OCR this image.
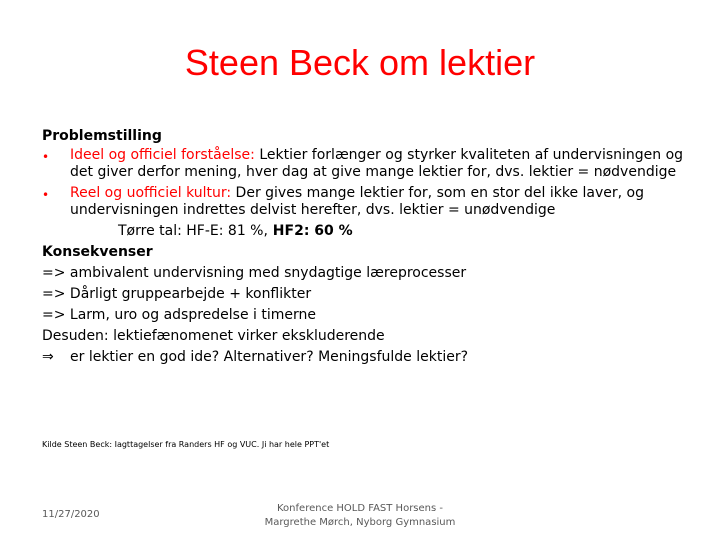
Steen Beck om lektier
Problemstilling
•	Ideel og officiel forståelse: Lektier forlænger og styrker kvaliteten af undervisningen og det giver derfor mening, hver dag at give mange lektier for, dvs. lektier = nødvendige
•	Reel og uofficiel kultur: Der gives mange lektier for, som en stor del ikke laver, og undervisningen indrettes delvist herefter, dvs. lektier = unødvendige
Tørre tal: HF-E: 81 %, HF2: 60 %
Konsekvenser
=> ambivalent undervisning med snydagtige læreprocesser
=> Dårligt gruppearbejde + konflikter
=> Larm, uro og adspredelse i timerne
Desuden: lektiefænomenet virker ekskluderende
⇒ er lektier en god ide? Alternativer? Meningsfulde lektier?
Kilde Steen Beck: Iagttagelser fra Randers HF og VUC. Ji har hele PPT'et
11/27/2020
Konference HOLD FAST Horsens -
Margrethe Mørch, Nyborg Gymnasium
